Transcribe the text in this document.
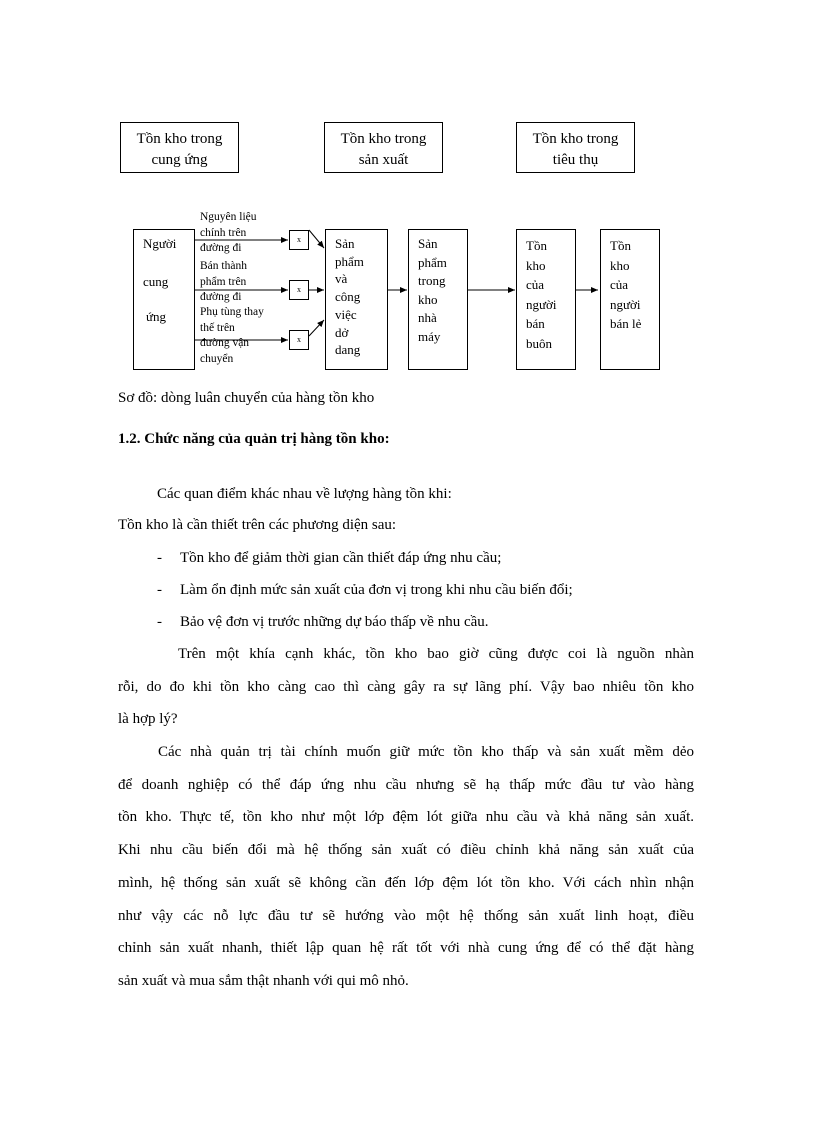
Tồn kho trong
cung ứng
Tồn kho trong
sản xuất
Tồn kho trong
tiêu thụ
Người
cung
ứng
Nguyên liệu
chính trên
đường đi
Bán thành
phẩm trên
đường đi
Phụ tùng thay
thế trên
đường vận
chuyển
x
x
x
Sản
phẩm
và
công
việc
dở
dang
Sản
phẩm
trong
kho
nhà
máy
Tồn
kho
của
người
bán
buôn
Tồn
kho
của
người
bán lẻ
Sơ đồ: dòng luân chuyển của hàng tồn kho
1.2. Chức năng của quản trị hàng tồn kho:
Các quan điểm khác nhau về lượng hàng tồn khi:
Tồn kho là cần thiết trên các phương diện sau:
- Tồn kho để giảm thời gian cần thiết đáp ứng nhu cầu;
- Làm ổn định mức sản xuất của đơn vị trong khi nhu cầu biến đổi;
- Bảo vệ đơn vị trước những dự báo thấp về nhu cầu.
Trên một khía cạnh khác, tồn kho bao giờ cũng được coi là nguồn nhàn
rỗi, do đo khi tồn kho càng cao thì càng gây ra sự lãng phí. Vậy bao nhiêu tồn kho
là hợp lý?
Các nhà quản trị tài chính muốn giữ mức tồn kho thấp và sản xuất mềm dẻo
để doanh nghiệp có thể đáp ứng nhu cầu nhưng sẽ hạ thấp mức đầu tư vào hàng
tồn kho. Thực tế, tồn kho như một lớp đệm lót giữa nhu cầu và khả năng sản xuất.
Khi nhu cầu biến đổi mà hệ thống sản xuất có điều chỉnh khả năng sản xuất của
mình, hệ thống sản xuất sẽ không cần đến lớp đệm lót tồn kho. Với cách nhìn nhận
như vậy các nỗ lực đầu tư sẽ hướng vào một hệ thống sản xuất linh hoạt, điều
chỉnh sản xuất nhanh, thiết lập quan hệ rất tốt với nhà cung ứng để có thể đặt hàng
sản xuất và mua sắm thật nhanh với qui mô nhỏ.
